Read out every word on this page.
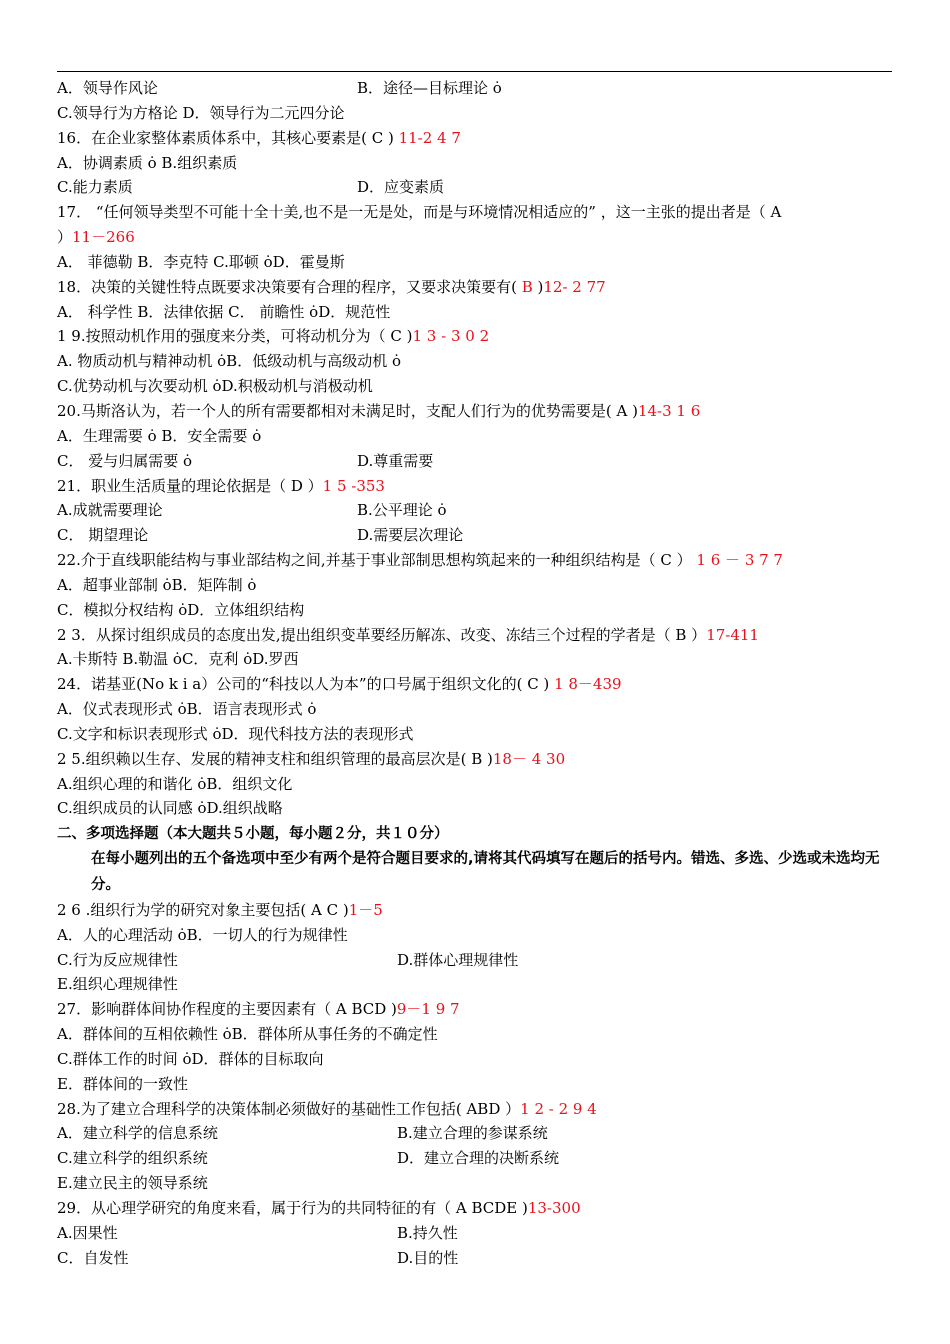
A．领导作风论	B．途径—目标理论 ȯ
C.领导行为方格论 D．领导行为二元四分论
16．在企业家整体素质体系中，其核心要素是( C ) 11-2 4 7
A．协调素质 ȯ B.组织素质
C.能力素质	D．应变素质
17． “任何领导类型不可能十全十美,也不是一无是处，而是与环境情况相适应的” ，这一主张的提出者是（ A
）11－266
A． 菲德勒 B．李克特 C.耶顿 ȯD．霍曼斯
18．决策的关键性特点既要求决策要有合理的程序，又要求决策要有( B )12- 2 77
A． 科学性 B．法律依据 C． 前瞻性 ȯD．规范性
1 9.按照动机作用的强度来分类，可将动机分为（ C )1 3 - 3 0 2
A. 物质动机与精神动机 ȯB．低级动机与高级动机 ȯ
C.优势动机与次要动机 ȯD.积极动机与消极动机
20.马斯洛认为，若一个人的所有需要都相对未满足时，支配人们行为的优势需要是( A )14-3 1 6
A．生理需要 ȯ B．安全需要 ȯ
C． 爱与归属需要 ȯ	D.尊重需要
21．职业生活质量的理论依据是（ D ）1 5 -353
A.成就需要理论	B.公平理论 ȯ
C． 期望理论	D.需要层次理论
22.介于直线职能结构与事业部结构之间,并基于事业部制思想构筑起来的一种组织结构是（ C ） 1 6 － 3 7 7
A．超事业部制 ȯB．矩阵制 ȯ
C．模拟分权结构 ȯD．立体组织结构
2 3．从探讨组织成员的态度出发,提出组织变革要经历解冻、改变、冻结三个过程的学者是（ B ）17-411
A.卡斯特 B.勒温 ȯC．克利 ȯD.罗西
24．诺基亚(No k i a）公司的“科技以人为本”的口号属于组织文化的( C ) 1 8－439
A．仪式表现形式 ȯB．语言表现形式 ȯ
C.文字和标识表现形式 ȯD．现代科技方法的表现形式
2 5.组织赖以生存、发展的精神支柱和组织管理的最高层次是( B )18－ 4 30
A.组织心理的和谐化 ȯB．组织文化
C.组织成员的认同感 ȯD.组织战略
二、多项选择题（本大题共５小题，每小题２分，共１０分）
在每小题列出的五个备选项中至少有两个是符合题目要求的,请将其代码填写在题后的括号内。错选、多选、少选或未选均无分。
2 6 .组织行为学的研究对象主要包括( A C )1－5
A．人的心理活动 ȯB．一切人的行为规律性
C.行为反应规律性	D.群体心理规律性
E.组织心理规律性
27．影响群体间协作程度的主要因素有（ A BCD )9－1 9 7
A．群体间的互相依赖性 ȯB．群体所从事任务的不确定性
C.群体工作的时间 ȯD．群体的目标取向
E．群体间的一致性
28.为了建立合理科学的决策体制必须做好的基础性工作包括( ABD ）1 2 - 2 9 4
A．建立科学的信息系统	B.建立合理的参谋系统
C.建立科学的组织系统	D．建立合理的决断系统
E.建立民主的领导系统
29．从心理学研究的角度来看，属于行为的共同特征的有（ A BCDE )13-300
A.因果性	B.持久性
C．自发性	D.目的性
